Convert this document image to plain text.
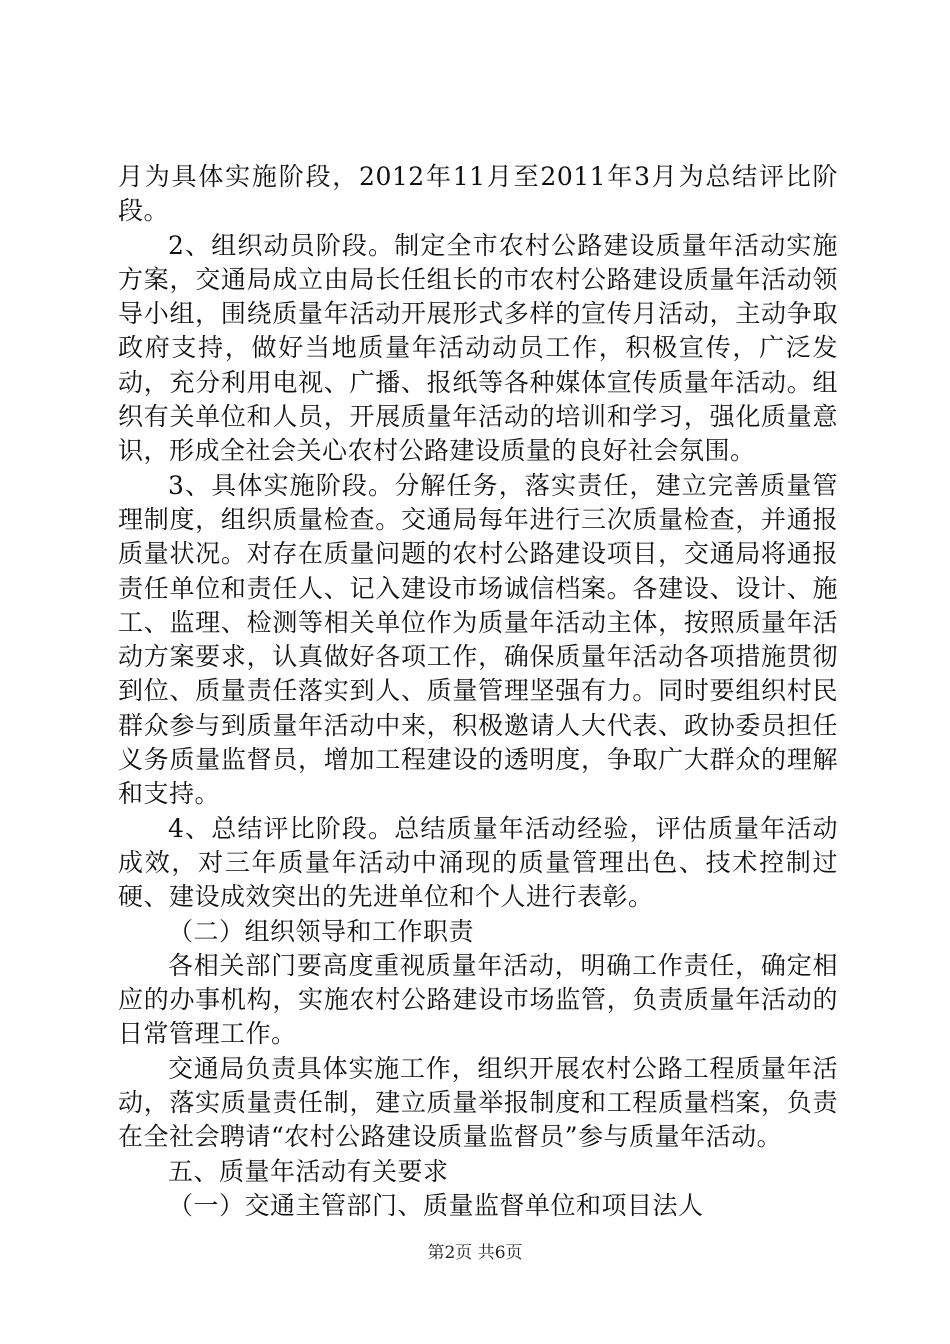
月为具体实施阶段，2012年11月至2011年3月为总结评比阶段。

2、组织动员阶段。制定全市农村公路建设质量年活动实施方案，交通局成立由局长任组长的市农村公路建设质量年活动领导小组，围绕质量年活动开展形式多样的宣传月活动，主动争取政府支持，做好当地质量年活动动员工作，积极宣传，广泛发动，充分利用电视、广播、报纸等各种媒体宣传质量年活动。组织有关单位和人员，开展质量年活动的培训和学习，强化质量意识，形成全社会关心农村公路建设质量的良好社会氛围。

3、具体实施阶段。分解任务，落实责任，建立完善质量管理制度，组织质量检查。交通局每年进行三次质量检查，并通报质量状况。对存在质量问题的农村公路建设项目，交通局将通报责任单位和责任人、记入建设市场诚信档案。各建设、设计、施工、监理、检测等相关单位作为质量年活动主体，按照质量年活动方案要求，认真做好各项工作，确保质量年活动各项措施贯彻到位、质量责任落实到人、质量管理坚强有力。同时要组织村民群众参与到质量年活动中来，积极邀请人大代表、政协委员担任义务质量监督员，增加工程建设的透明度，争取广大群众的理解和支持。

4、总结评比阶段。总结质量年活动经验，评估质量年活动成效，对三年质量年活动中涌现的质量管理出色、技术控制过硬、建设成效突出的先进单位和个人进行表彰。

（二）组织领导和工作职责

各相关部门要高度重视质量年活动，明确工作责任，确定相应的办事机构，实施农村公路建设市场监管，负责质量年活动的日常管理工作。

交通局负责具体实施工作，组织开展农村公路工程质量年活动，落实质量责任制，建立质量举报制度和工程质量档案，负责在全社会聘请“农村公路建设质量监督员”参与质量年活动。

五、质量年活动有关要求

（一）交通主管部门、质量监督单位和项目法人

第2页 共6页
